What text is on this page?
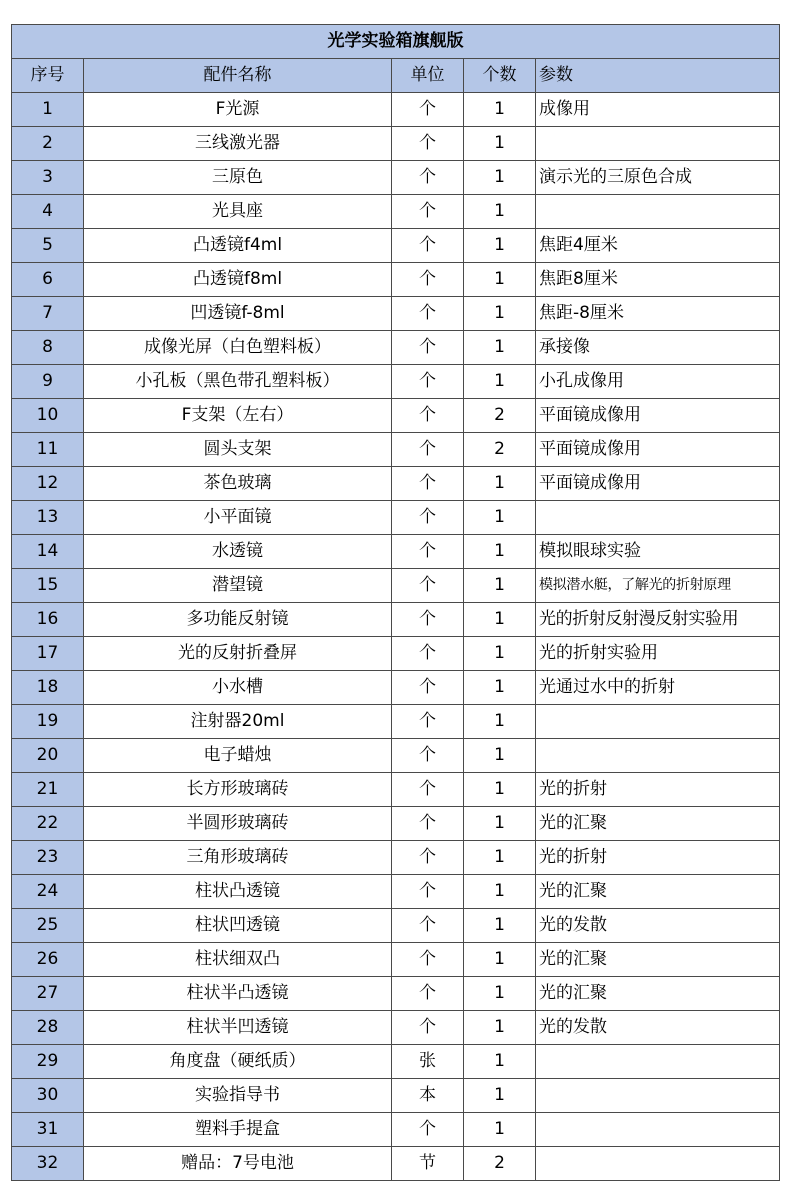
光学实验箱旗舰版				
序号	配件名称	单位	个数	参数
1	F光源	个	1	成像用
2	三线激光器	个	1	
3	三原色	个	1	演示光的三原色合成
4	光具座	个	1	
5	凸透镜f4ml	个	1	焦距4厘米
6	凸透镜f8ml	个	1	焦距8厘米
7	凹透镜f-8ml	个	1	焦距-8厘米
8	成像光屏（白色塑料板）	个	1	承接像
9	小孔板（黑色带孔塑料板）	个	1	小孔成像用
10	F支架（左右）	个	2	平面镜成像用
11	圆头支架	个	2	平面镜成像用
12	茶色玻璃	个	1	平面镜成像用
13	小平面镜	个	1	
14	水透镜	个	1	模拟眼球实验
15	潜望镜	个	1	模拟潜水艇，了解光的折射原理
16	多功能反射镜	个	1	光的折射反射漫反射实验用
17	光的反射折叠屏	个	1	光的折射实验用
18	小水槽	个	1	光通过水中的折射
19	注射器20ml	个	1	
20	电子蜡烛	个	1	
21	长方形玻璃砖	个	1	光的折射
22	半圆形玻璃砖	个	1	光的汇聚
23	三角形玻璃砖	个	1	光的折射
24	柱状凸透镜	个	1	光的汇聚
25	柱状凹透镜	个	1	光的发散
26	柱状细双凸	个	1	光的汇聚
27	柱状半凸透镜	个	1	光的汇聚
28	柱状半凹透镜	个	1	光的发散
29	角度盘（硬纸质）	张	1	
30	实验指导书	本	1	
31	塑料手提盒	个	1	
32	赠品：7号电池	节	2	
